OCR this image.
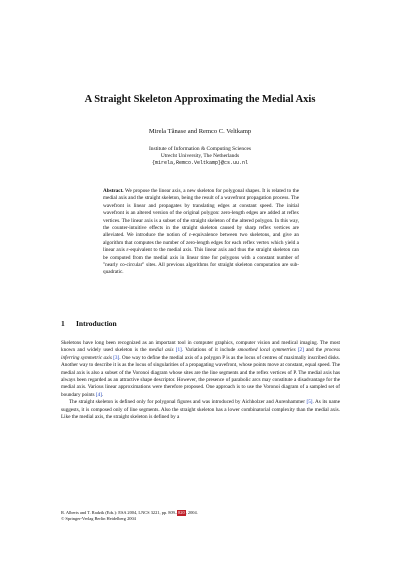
A Straight Skeleton Approximating the Medial Axis
Mirela Tănase and Remco C. Veltkamp
Institute of Information & Computing Sciences
Utrecht University, The Netherlands
{mirela,Remco.Veltkamp}@cs.uu.nl
Abstract. We propose the linear axis, a new skeleton for polygonal shapes. It is related to the medial axis and the straight skeleton, being the result of a wavefront propagation process. The wavefront is linear and propagates by translating edges at constant speed. The initial wavefront is an altered version of the original polygon: zero-length edges are added at reflex vertices. The linear axis is a subset of the straight skeleton of the altered polygon. In this way, the counter-intuitive effects in the straight skeleton caused by sharp reflex vertices are alleviated. We introduce the notion of ε-equivalence between two skeletons, and give an algorithm that computes the number of zero-length edges for each reflex vertex which yield a linear axis ε-equivalent to the medial axis. This linear axis and thus the straight skeleton can be computed from the medial axis in linear time for polygons with a constant number of "nearly co-circular" sites. All previous algorithms for straight skeleton computation are sub-quadratic.
1 Introduction

Skeletons have long been recognized as an important tool in computer graphics, computer vision and medical imaging. The most known and widely used skeleton is the medial axis [1]. Variations of it include smoothed local symmetries [2] and the process inferring symmetric axis [3]. One way to define the medial axis of a polygon P is as the locus of centres of maximally inscribed disks. Another way to describe it is as the locus of singularities of a propagating wavefront, whose points move at constant, equal speed. The medial axis is also a subset of the Voronoi diagram whose sites are the line segments and the reflex vertices of P. The medial axis has always been regarded as an attractive shape descriptor. However, the presence of parabolic arcs may constitute a disadvantage for the medial axis. Various linear approximations were therefore proposed. One approach is to use the Voronoi diagram of a sampled set of boundary points [4].

The straight skeleton is defined only for polygonal figures and was introduced by Aichholzer and Aurenhammer [5]. As its name suggests, it is composed only of line segments. Also the straight skeleton has a lower combinatorial complexity than the medial axis. Like the medial axis, the straight skeleton is defined by a

R. Alberts and T. Radzik (Eds.): ESA 2004, LNCS 3221, pp. 809–820, 2004.
© Springer-Verlag Berlin Heidelberg 2004
